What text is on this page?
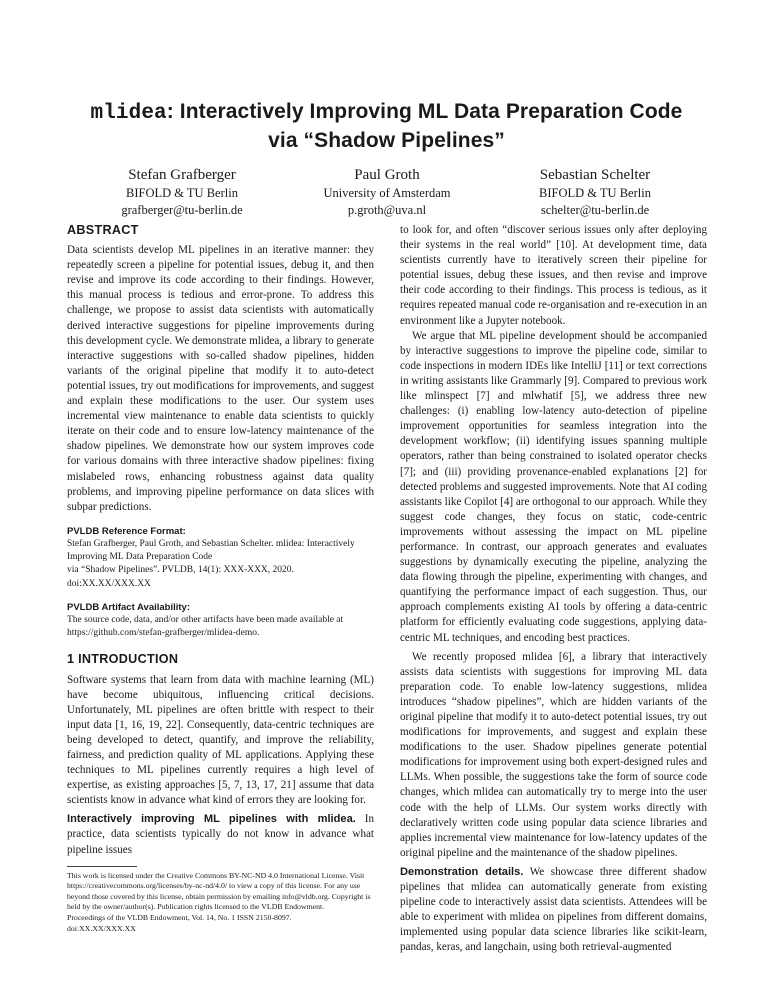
mlidea: Interactively Improving ML Data Preparation Code
via “Shadow Pipelines”
Stefan Grafberger
BIFOLD & TU Berlin
grafberger@tu-berlin.de
Paul Groth
University of Amsterdam
p.groth@uva.nl
Sebastian Schelter
BIFOLD & TU Berlin
schelter@tu-berlin.de
ABSTRACT

Data scientists develop ML pipelines in an iterative manner: they repeatedly screen a pipeline for potential issues, debug it, and then revise and improve its code according to their findings. However, this manual process is tedious and error-prone. To address this challenge, we propose to assist data scientists with automatically derived interactive suggestions for pipeline improvements during this development cycle. We demonstrate mlidea, a library to generate interactive suggestions with so-called shadow pipelines, hidden variants of the original pipeline that modify it to auto-detect potential issues, try out modifications for improvements, and suggest and explain these modifications to the user. Our system uses incremental view maintenance to enable data scientists to quickly iterate on their code and to ensure low-latency maintenance of the shadow pipelines. We demonstrate how our system improves code for various domains with three interactive shadow pipelines: fixing mislabeled rows, enhancing robustness against data quality problems, and improving pipeline performance on data slices with subpar predictions.

PVLDB Reference Format:
Stefan Grafberger, Paul Groth, and Sebastian Schelter. mlidea: Interactively Improving ML Data Preparation Code
via “Shadow Pipelines”. PVLDB, 14(1): XXX-XXX, 2020.
doi:XX.XX/XXX.XX
PVLDB Artifact Availability:
The source code, data, and/or other artifacts have been made available at https://github.com/stefan-grafberger/mlidea-demo.
1 INTRODUCTION

Software systems that learn from data with machine learning (ML) have become ubiquitous, influencing critical decisions. Unfortunately, ML pipelines are often brittle with respect to their input data [1, 16, 19, 22]. Consequently, data-centric techniques are being developed to detect, quantify, and improve the reliability, fairness, and prediction quality of ML applications. Applying these techniques to ML pipelines currently requires a high level of expertise, as existing approaches [5, 7, 13, 17, 21] assume that data scientists know in advance what kind of errors they are looking for.

Interactively improving ML pipelines with mlidea. In practice, data scientists typically do not know in advance what pipeline issues

This work is licensed under the Creative Commons BY-NC-ND 4.0 International License. Visit https://creativecommons.org/licenses/by-nc-nd/4.0/ to view a copy of this license. For any use beyond those covered by this license, obtain permission by emailing info@vldb.org. Copyright is held by the owner/author(s). Publication rights licensed to the VLDB Endowment.
Proceedings of the VLDB Endowment, Vol. 14, No. 1 ISSN 2150-8097.
doi:XX.XX/XXX.XX

to look for, and often “discover serious issues only after deploying their systems in the real world” [10]. At development time, data scientists currently have to iteratively screen their pipeline for potential issues, debug these issues, and then revise and improve their code according to their findings. This process is tedious, as it requires repeated manual code re-organisation and re-execution in an environment like a Jupyter notebook.

We argue that ML pipeline development should be accompanied by interactive suggestions to improve the pipeline code, similar to code inspections in modern IDEs like IntelliJ [11] or text corrections in writing assistants like Grammarly [9]. Compared to previous work like mlinspect [7] and mlwhatif [5], we address three new challenges: (i) enabling low-latency auto-detection of pipeline improvement opportunities for seamless integration into the development workflow; (ii) identifying issues spanning multiple operators, rather than being constrained to isolated operator checks [7]; and (iii) providing provenance-enabled explanations [2] for detected problems and suggested improvements. Note that AI coding assistants like Copilot [4] are orthogonal to our approach. While they suggest code changes, they focus on static, code-centric improvements without assessing the impact on ML pipeline performance. In contrast, our approach generates and evaluates suggestions by dynamically executing the pipeline, analyzing the data flowing through the pipeline, experimenting with changes, and quantifying the performance impact of each suggestion. Thus, our approach complements existing AI tools by offering a data-centric platform for efficiently evaluating code suggestions, applying data-centric ML techniques, and encoding best practices.

We recently proposed mlidea [6], a library that interactively assists data scientists with suggestions for improving ML data preparation code. To enable low-latency suggestions, mlidea introduces “shadow pipelines”, which are hidden variants of the original pipeline that modify it to auto-detect potential issues, try out modifications for improvements, and suggest and explain these modifications to the user. Shadow pipelines generate potential modifications for improvement using both expert-designed rules and LLMs. When possible, the suggestions take the form of source code changes, which mlidea can automatically try to merge into the user code with the help of LLMs. Our system works directly with declaratively written code using popular data science libraries and applies incremental view maintenance for low-latency updates of the original pipeline and the maintenance of the shadow pipelines.

Demonstration details. We showcase three different shadow pipelines that mlidea can automatically generate from existing pipeline code to interactively assist data scientists. Attendees will be able to experiment with mlidea on pipelines from different domains, implemented using popular data science libraries like scikit-learn, pandas, keras, and langchain, using both retrieval-augmented
